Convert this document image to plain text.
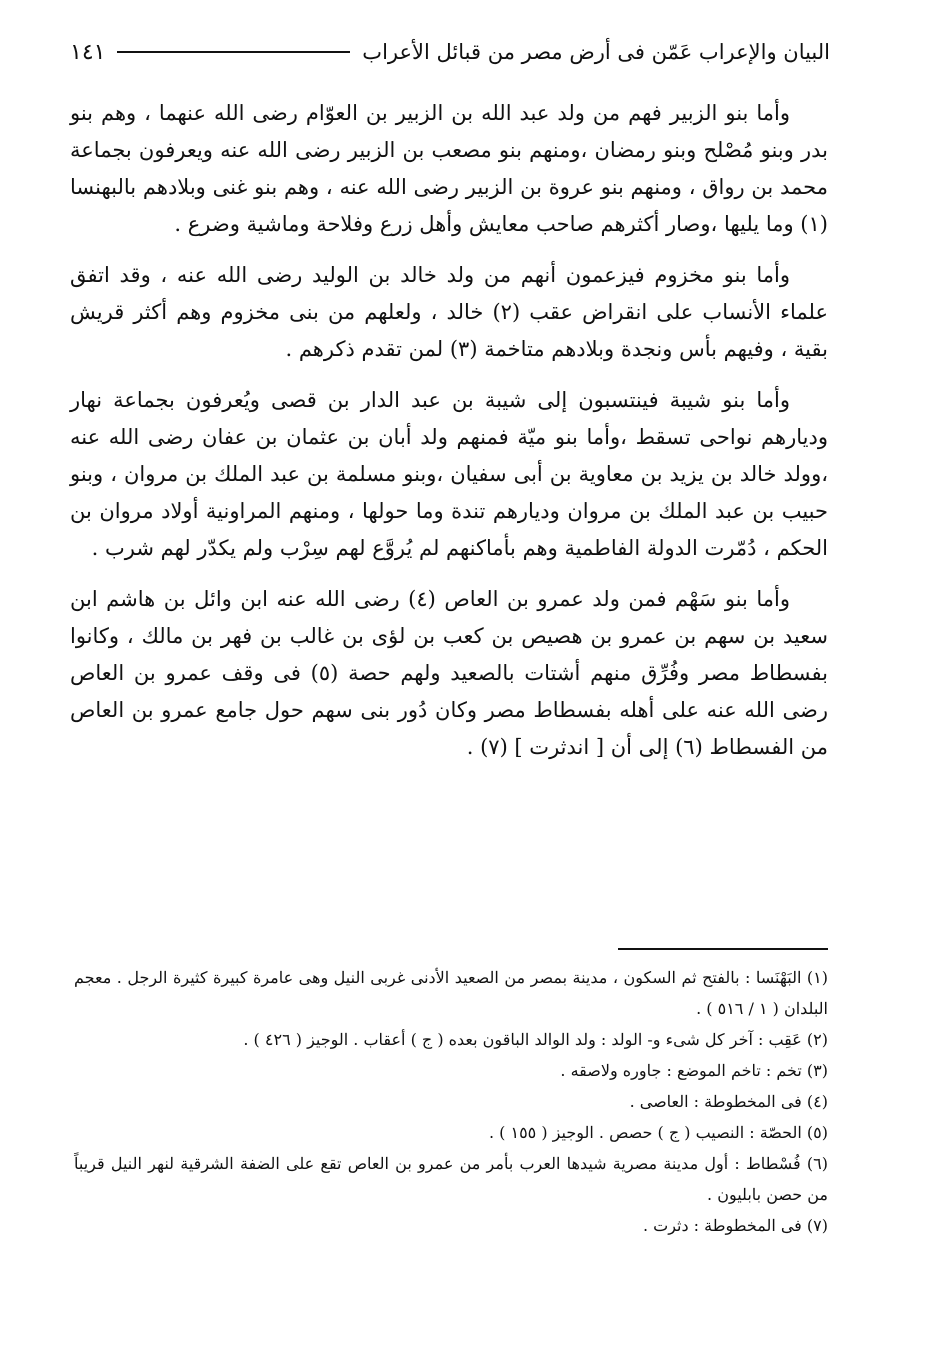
البيان والإعراب عَمّن فى أرض مصر من قبائل الأعراب
١٤١

وأما بنو الزبير فهم من ولد عبد الله بن الزبير بن العوّام رضى الله عنهما ، وهم بنو بدر وبنو مُصْلح وبنو رمضان ،ومنهم بنو مصعب بن الزبير رضى الله عنه ويعرفون بجماعة محمد بن رواق ، ومنهم بنو عروة بن الزبير رضى الله عنه ، وهم بنو غنى وبلادهم بالبهنسا (١) وما يليها ،وصار أكثرهم صاحب معايش وأهل زرع وفلاحة وماشية وضرع .

وأما بنو مخزوم فيزعمون أنهم من ولد خالد بن الوليد رضى الله عنه ، وقد اتفق علماء الأنساب على انقراض عقب (٢) خالد ، ولعلهم من بنى مخزوم وهم أكثر قريش بقية ، وفيهم بأس ونجدة وبلادهم متاخمة (٣) لمن تقدم ذكرهم .

وأما بنو شيبة فينتسبون إلى شيبة بن عبد الدار بن قصى ويُعرفون بجماعة نهار وديارهم نواحى تسقط ،وأما بنو ميّة فمنهم ولد أبان بن عثمان بن عفان رضى الله عنه ،وولد خالد بن يزيد بن معاوية بن أبى سفيان ،وبنو مسلمة بن عبد الملك بن مروان ، وبنو حبيب بن عبد الملك بن مروان وديارهم تندة وما حولها ، ومنهم المراونية أولاد مروان بن الحكم ، دُمّرت الدولة الفاطمية وهم بأماكنهم لم يُروَّع لهم سِرْب ولم يكدّر لهم شرب .

وأما بنو سَهْم فمن ولد عمرو بن العاص (٤) رضى الله عنه ابن وائل بن هاشم ابن سعيد بن سهم بن عمرو بن هصيص بن كعب بن لؤى بن غالب بن فهر بن مالك ، وكانوا بفسطاط مصر وفُرِّق منهم أشتات بالصعيد ولهم حصة (٥) فى وقف عمرو بن العاص رضى الله عنه على أهله بفسطاط مصر وكان دُور بنى سهم حول جامع عمرو بن العاص من الفسطاط (٦) إلى أن [ اندثرت ] (٧) .

(١) البَهْنَسا : بالفتح ثم السكون ، مدينة بمصر من الصعيد الأدنى غربى النيل وهى عامرة كبيرة كثيرة الرجل . معجم البلدان ( ١ / ٥١٦ ) .

(٢) عَقِب : آخر كل شىء و- الولد : ولد الوالد الباقون بعده ( ج ) أعقاب . الوجيز ( ٤٢٦ ) .

(٣) تخم : تاخم الموضع : جاوره ولاصقه .

(٤) فى المخطوطة : العاصى .

(٥) الحصّة : النصيب ( ج ) حصص . الوجيز ( ١٥٥ ) .

(٦) فُسْطاط : أول مدينة مصرية شيدها العرب بأمر من عمرو بن العاص تقع على الضفة الشرقية لنهر النيل قريباً من حصن بابليون .

(٧) فى المخطوطة : دثرت .
